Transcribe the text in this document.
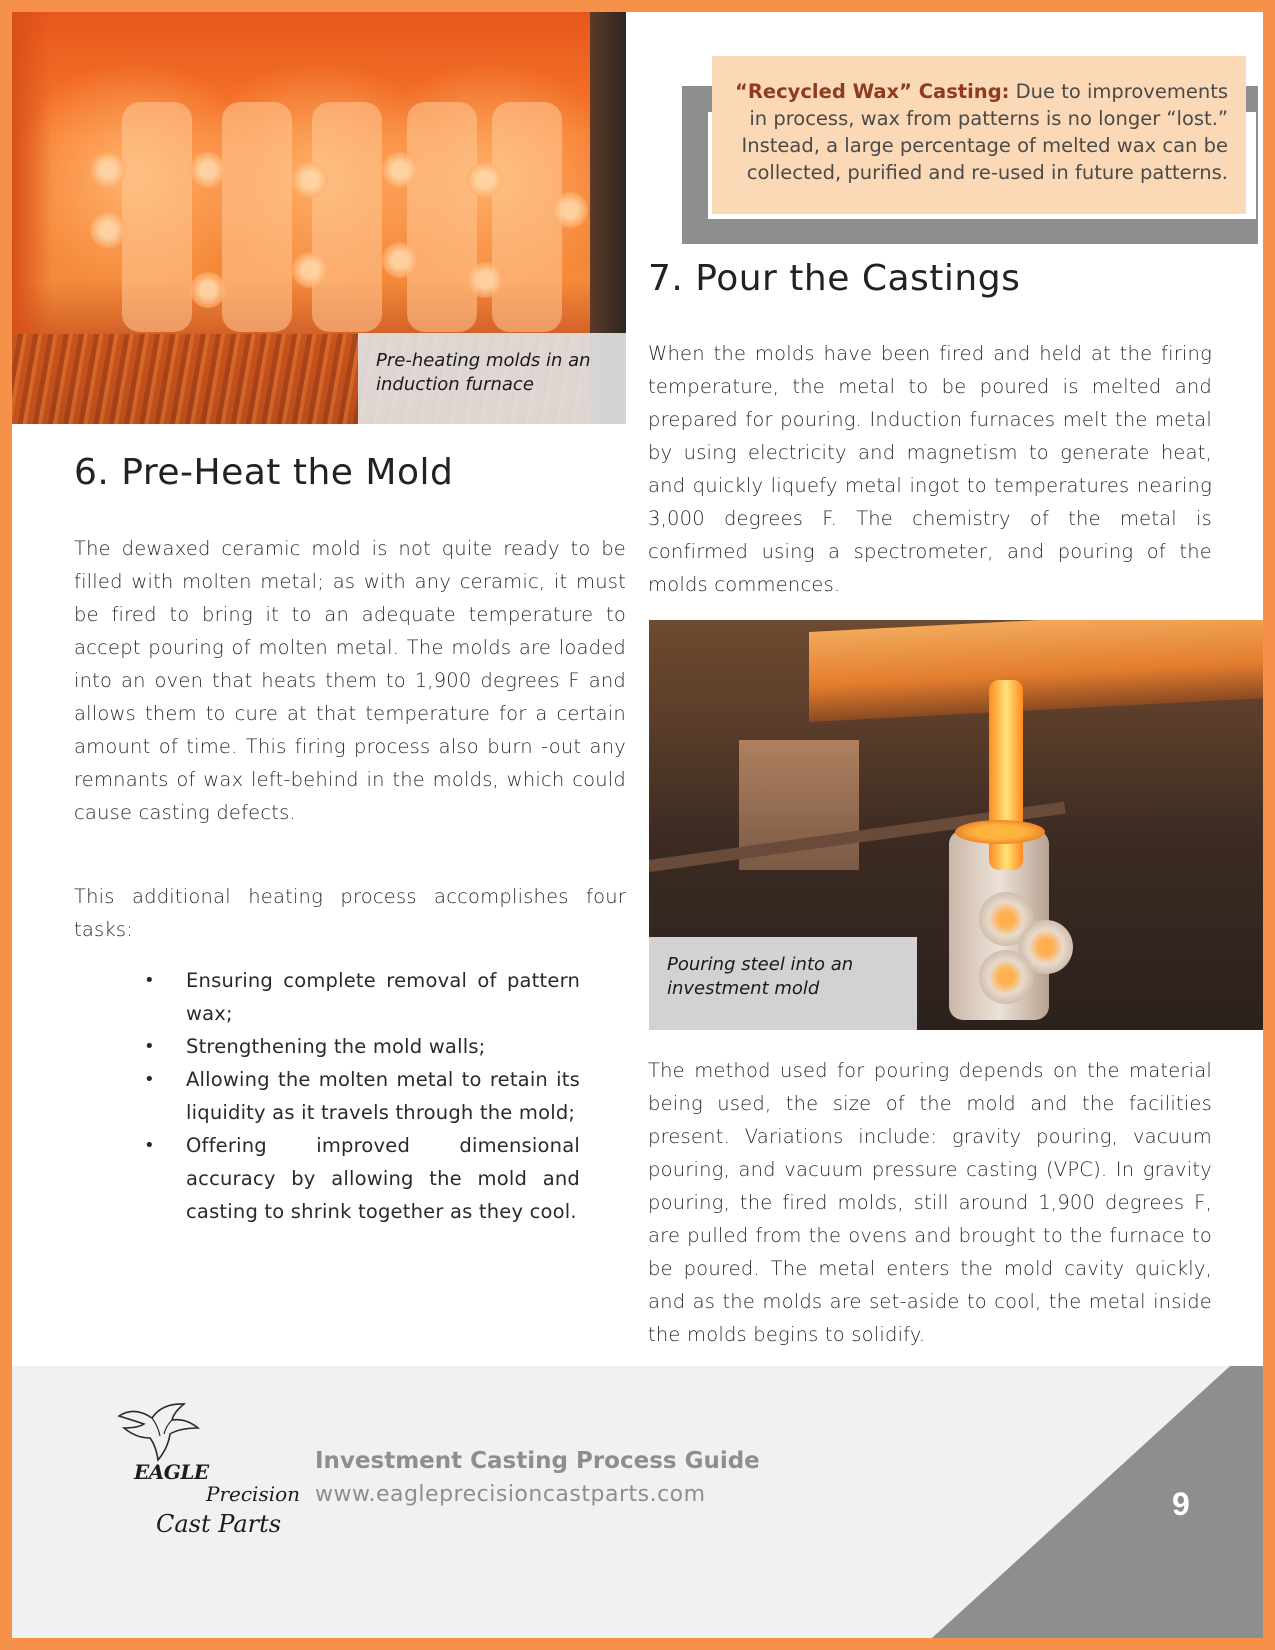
Pre-heating molds in an induction furnace
6. Pre-Heat the Mold

The dewaxed ceramic mold is not quite ready to be filled with molten metal; as with any ceramic, it must be fired to bring it to an adequate temperature to accept pouring of molten metal. The molds are loaded into an oven that heats them to 1,900 degrees F and allows them to cure at that temperature for a certain amount of time. This firing process also burn -out any remnants of wax left-behind in the molds, which could cause casting defects.

This additional heating process accomplishes four tasks:

• Ensuring complete removal of pattern wax;
• Strengthening the mold walls;
• Allowing the molten metal to retain its liquidity as it travels through the mold;
• Offering improved dimensional accuracy by allowing the mold and casting to shrink together as they cool.
“Recycled Wax” Casting: Due to improvements in process, wax from patterns is no longer “lost.” Instead, a large percentage of melted wax can be collected, purified and re-used in future patterns.
7. Pour the Castings

When the molds have been fired and held at the firing temperature, the metal to be poured is melted and prepared for pouring. Induction furnaces melt the metal by using electricity and magnetism to generate heat, and quickly liquefy metal ingot to temperatures nearing 3,000 degrees F. The chemistry of the metal is confirmed using a spectrometer, and pouring of the molds commences.

Pouring steel into an investment mold

The method used for pouring depends on the material being used, the size of the mold and the facilities present. Variations include: gravity pouring, vacuum pouring, and vacuum pressure casting (VPC). In gravity pouring, the fired molds, still around 1,900 degrees F, are pulled from the ovens and brought to the furnace to be poured. The metal enters the mold cavity quickly, and as the molds are set-aside to cool, the metal inside the molds begins to solidify.

EAGLE
Precision
Cast Parts
Investment Casting Process Guide
www.eagleprecisioncastparts.com	9
